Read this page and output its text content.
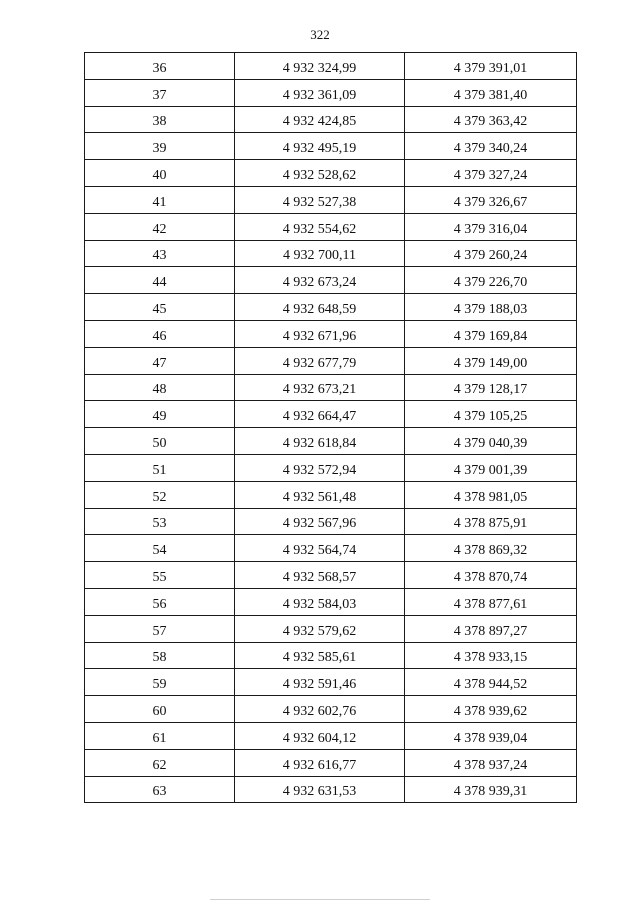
322
36	4 932 324,99	4 379 391,01
37	4 932 361,09	4 379 381,40
38	4 932 424,85	4 379 363,42
39	4 932 495,19	4 379 340,24
40	4 932 528,62	4 379 327,24
41	4 932 527,38	4 379 326,67
42	4 932 554,62	4 379 316,04
43	4 932 700,11	4 379 260,24
44	4 932 673,24	4 379 226,70
45	4 932 648,59	4 379 188,03
46	4 932 671,96	4 379 169,84
47	4 932 677,79	4 379 149,00
48	4 932 673,21	4 379 128,17
49	4 932 664,47	4 379 105,25
50	4 932 618,84	4 379 040,39
51	4 932 572,94	4 379 001,39
52	4 932 561,48	4 378 981,05
53	4 932 567,96	4 378 875,91
54	4 932 564,74	4 378 869,32
55	4 932 568,57	4 378 870,74
56	4 932 584,03	4 378 877,61
57	4 932 579,62	4 378 897,27
58	4 932 585,61	4 378 933,15
59	4 932 591,46	4 378 944,52
60	4 932 602,76	4 378 939,62
61	4 932 604,12	4 378 939,04
62	4 932 616,77	4 378 937,24
63	4 932 631,53	4 378 939,31
